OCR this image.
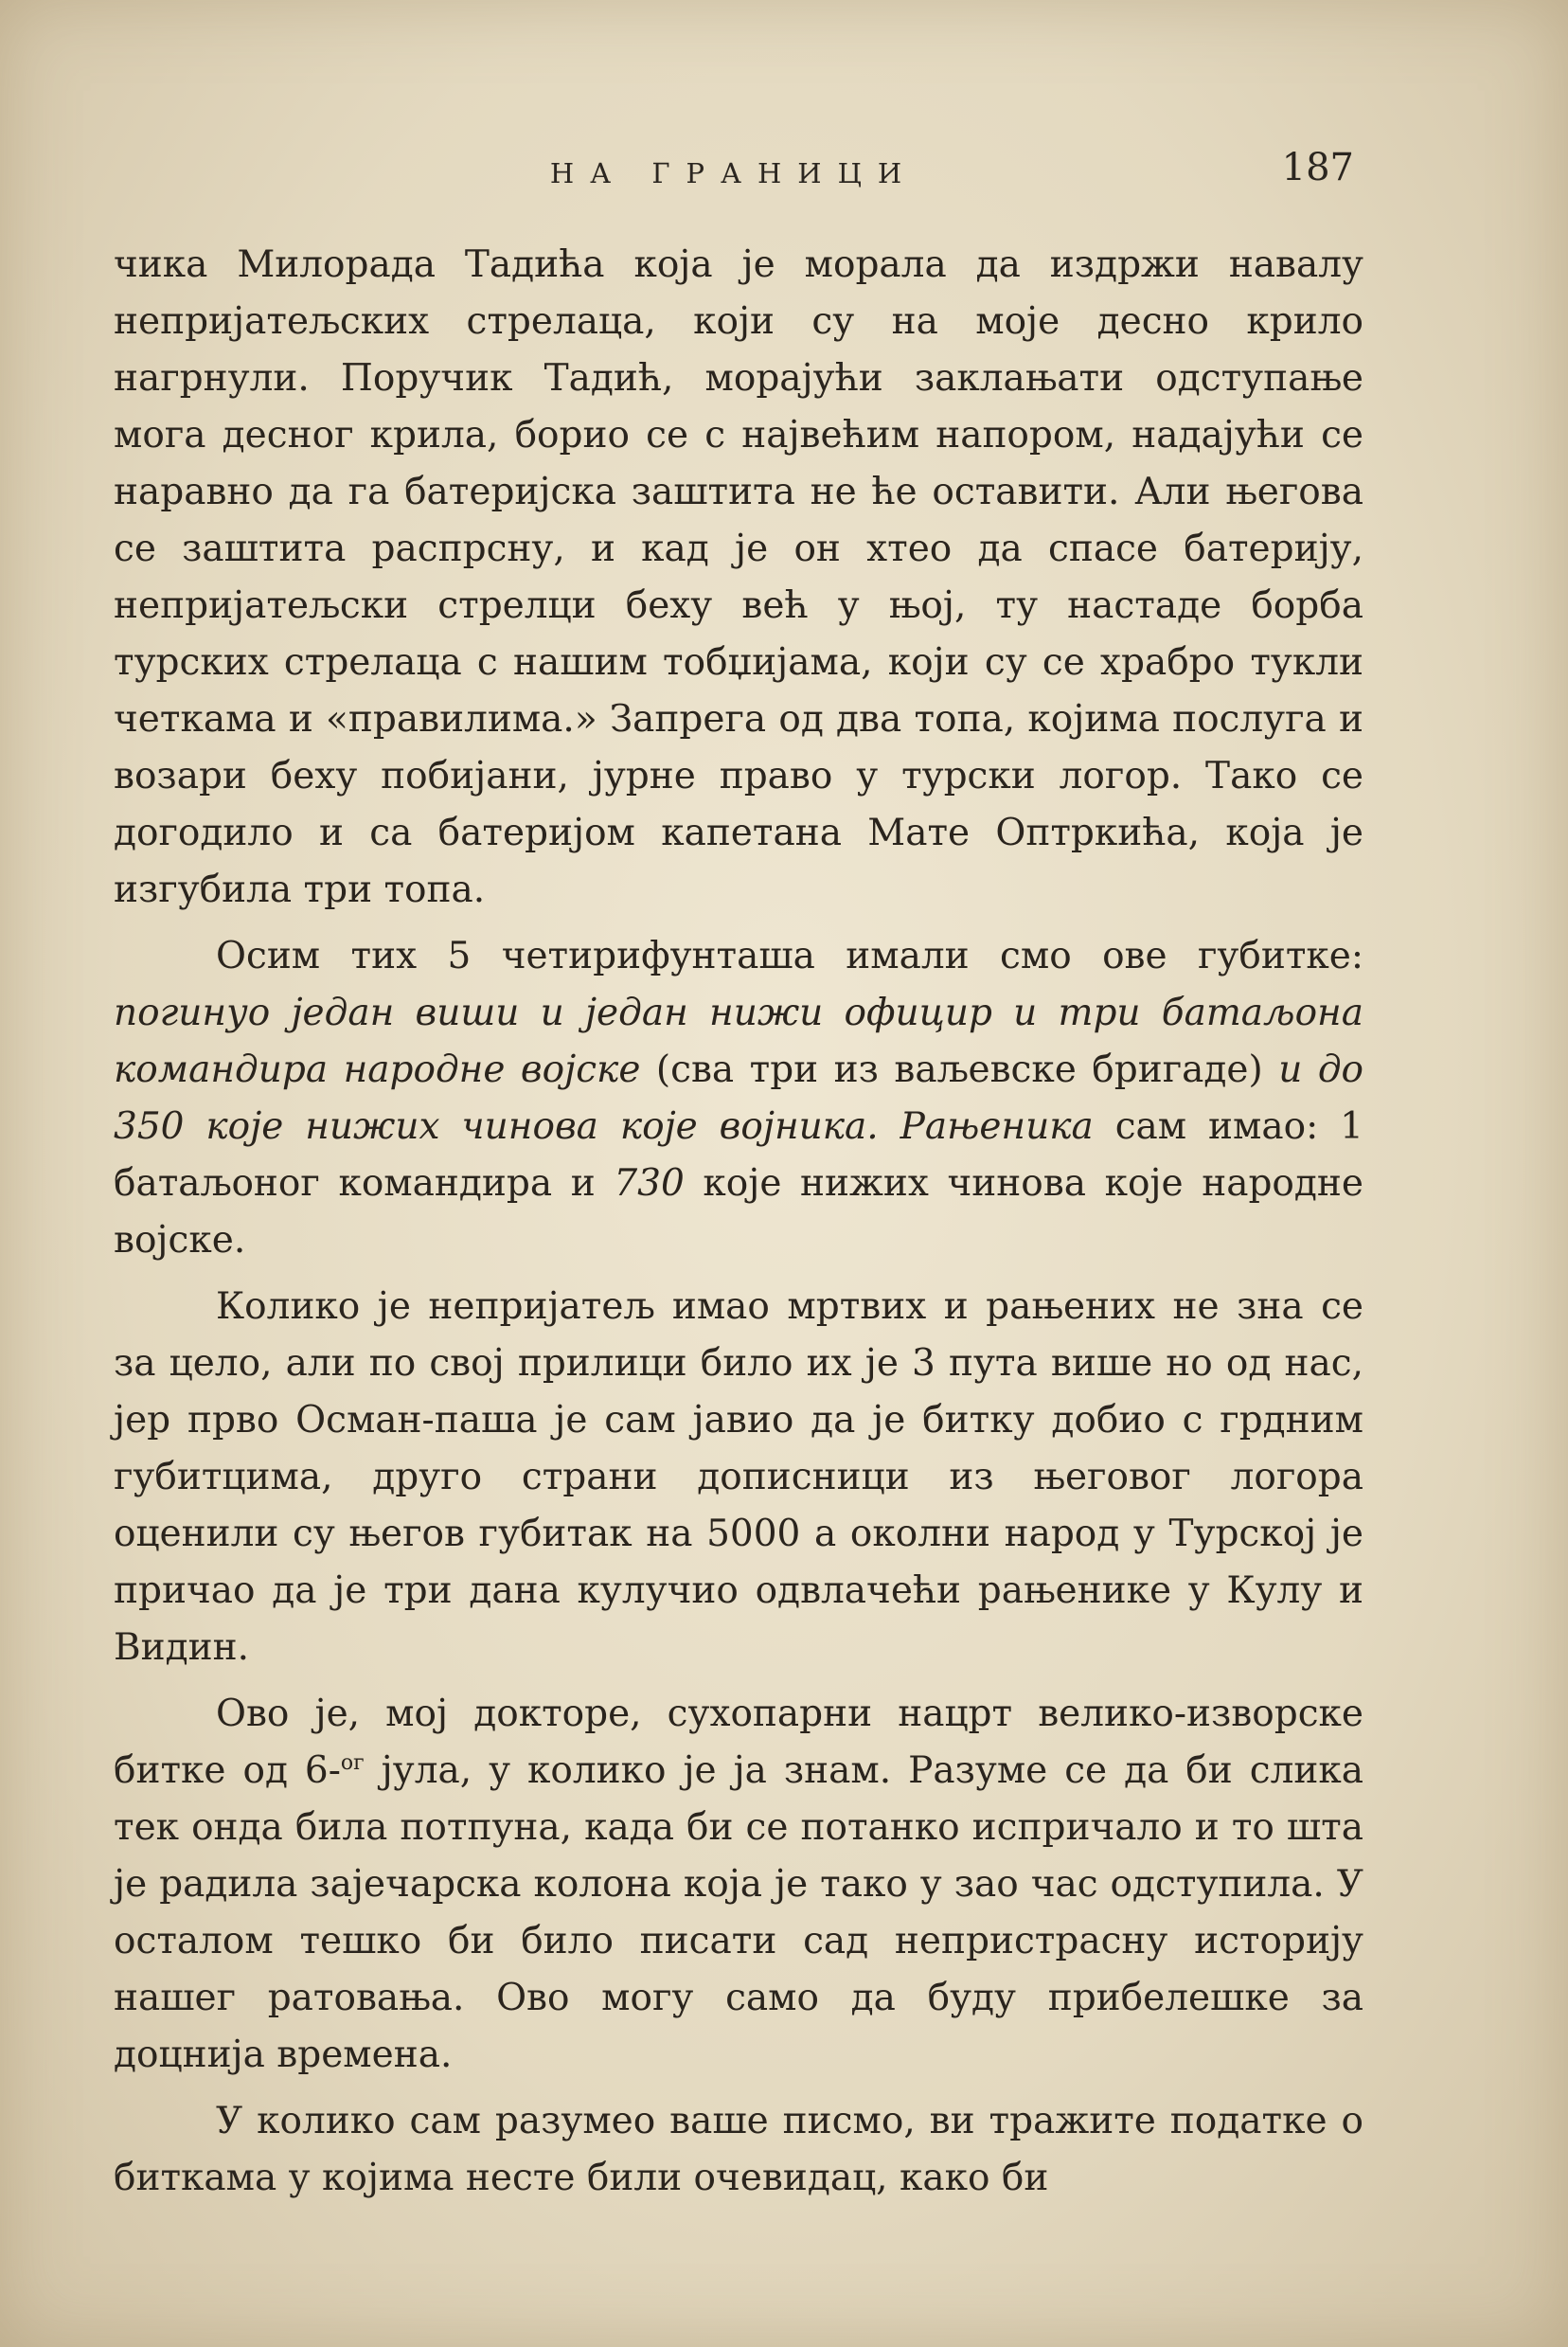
НА ГРАНИЦИ	187

чика Милорада Тадића која је морала да издржи навалу непријатељских стрелаца, који су на моје десно крило нагрнули. Поручик Тадић, морајући заклањати одступање мога десног крила, борио се с највећим напором, надајући се наравно да га батеријска заштита не ће оставити. Али његова се заштита распрсну, и кад је он хтео да спасе батерију, непријатељски стрелци беху већ у њој, ту настаде борба турских стрелаца с нашим тобџијама, који су се храбро тукли четкама и «правилима.» Запрега од два топа, којима послуга и возари беху побијани, јурне право у турски логор. Тако се догодило и са батеријом капетана Мате Оптркића, која је изгубила три топа.

Осим тих 5 четирифунташа имали смо ове губитке: погинуо један виши и један нижи официр и три батаљона командира народне војске (сва три из ваљевске бригаде) и до 350 које нижих чинова које војника. Рањеника сам имао: 1 батаљоног командира и 730 које нижих чинова које народне војске.

Колико је непријатељ имао мртвих и рањених не зна се за цело, али по свој прилици било их је 3 пута више но од нас, јер прво Осман-паша је сам јавио да је битку добио с грдним губитцима, друго страни дописници из његовог логора оценили су његов губитак на 5000 а околни народ у Турској је причао да је три дана кулучио одвлачећи рањенике у Кулу и Видин.

Ово је, мој докторе, сухопарни нацрт велико-изворске битке од 6-$^{ог}$ јула, у колико је ја знам. Разуме се да би слика тек онда била потпуна, када би се потанко испричало и то шта је радила зајечарска колона која је тако у зао час одступила. У осталом тешко би било писати сад непристрасну историју нашег ратовања. Ово могу само да буду прибелешке за доцнија времена.

У колико сам разумео ваше писмо, ви тражите податке о биткама у којима несте били очевидац, како би
